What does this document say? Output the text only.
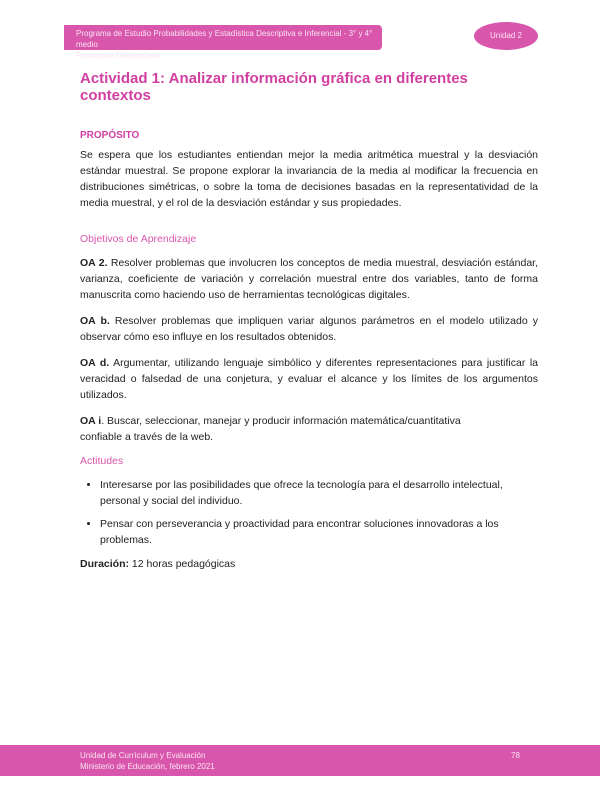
Programa de Estudio Probabilidades y Estadística Descriptiva e Inferencial - 3° y 4° medio
Formación Diferenciada
Unidad 2
Actividad 1: Analizar información gráfica en diferentes contextos
PROPÓSITO

Se espera que los estudiantes entiendan mejor la media aritmética muestral y la desviación estándar muestral. Se propone explorar la invariancia de la media al modificar la frecuencia en distribuciones simétricas, o sobre la toma de decisiones basadas en la representatividad de la media muestral, y el rol de la desviación estándar y sus propiedades.

Objetivos de Aprendizaje

OA 2. Resolver problemas que involucren los conceptos de media muestral, desviación estándar, varianza, coeficiente de variación y correlación muestral entre dos variables, tanto de forma manuscrita como haciendo uso de herramientas tecnológicas digitales.

OA b. Resolver problemas que impliquen variar algunos parámetros en el modelo utilizado y observar cómo eso influye en los resultados obtenidos.

OA d. Argumentar, utilizando lenguaje simbólico y diferentes representaciones para justificar la veracidad o falsedad de una conjetura, y evaluar el alcance y los límites de los argumentos utilizados.

OA i. Buscar, seleccionar, manejar y producir información matemática/cuantitativa confiable a través de la web.

Actitudes
• Interesarse por las posibilidades que ofrece la tecnología para el desarrollo intelectual, personal y social del individuo.
• Pensar con perseverancia y proactividad para encontrar soluciones innovadoras a los problemas.

Duración: 12 horas pedagógicas

Unidad de Currículum y Evaluación
Ministerio de Educación, febrero 2021
78
